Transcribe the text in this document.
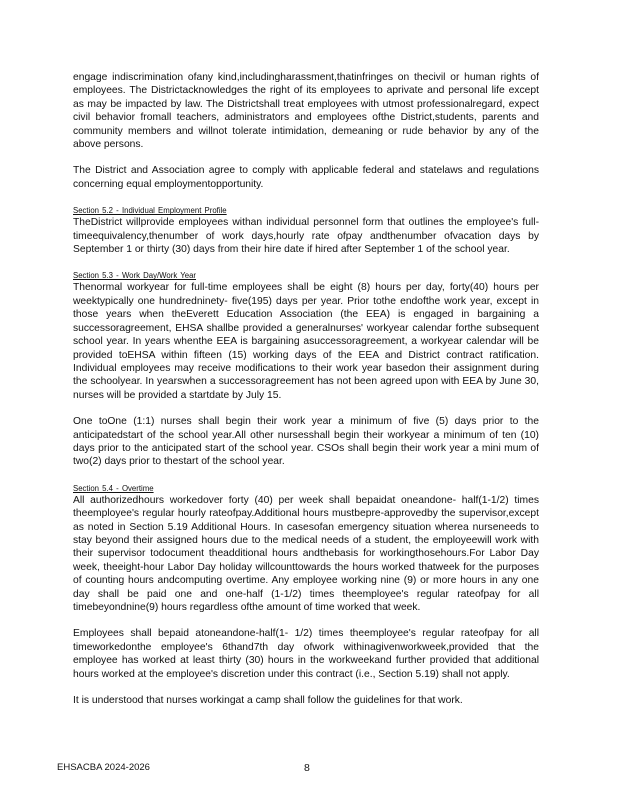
engage indiscrimination ofany kind,includingharassment,thatinfringes on thecivil or human rights of employees. The Districtacknowledges the right of its employees to aprivate and personal life except as may be impacted by law. The Districtshall treat employees with utmost professionalregard, expect civil behavior fromall teachers, administrators and employees ofthe District,students, parents and community members and willnot tolerate intimidation, demeaning or rude behavior by any of the above persons.

The District and Association agree to comply with applicable federal and statelaws and regulations concerning equal employmentopportunity.

Section 5.2 - Individual Employment Profile

TheDistrict willprovide employees withan individual personnel form that outlines the employee's full-timeequivalency,thenumber of work days,hourly rate ofpay andthenumber ofvacation days by September 1 or thirty (30) days from their hire date if hired after September 1 of the school year.

Section 5.3 - Work Day/Work Year

Thenormal workyear for full-time employees shall be eight (8) hours per day, forty(40) hours per weektypically one hundredninety- five(195) days per year. Prior tothe endofthe work year, except in those years when theEverett Education Association (the EEA) is engaged in bargaining a successoragreement, EHSA shallbe provided a generalnurses' workyear calendar forthe subsequent school year. In years whenthe EEA is bargaining asuccessoragreement, a workyear calendar will be provided toEHSA within fifteen (15) working days of the EEA and District contract ratification. Individual employees may receive modifications to their work year basedon their assignment during the schoolyear. In yearswhen a successoragreement has not been agreed upon with EEA by June 30, nurses will be provided a startdate by July 15.

One toOne (1:1) nurses shall begin their work year a minimum of five (5) days prior to the anticipatedstart of the school year.All other nursesshall begin their workyear a minimum of ten (10) days prior to the anticipated start of the school year. CSOs shall begin their work year a mini mum of two(2) days prior to thestart of the school year.

Section 5.4 - Overtime

All authorizedhours workedover forty (40) per week shall bepaidat oneandone- half(1-1/2) times theemployee's regular hourly rateofpay.Additional hours mustbepre-approvedby the supervisor,except as noted in Section 5.19 Additional Hours. In casesofan emergency situation wherea nurseneeds to stay beyond their assigned hours due to the medical needs of a student, the employeewill work with their supervisor todocument theadditional hours andthebasis for workingthosehours.For Labor Day week, theeight-hour Labor Day holiday willcounttowards the hours worked thatweek for the purposes of counting hours andcomputing overtime. Any employee working nine (9) or more hours in any one day shall be paid one and one-half (1-1/2) times theemployee's regular rateofpay for all timebeyondnine(9) hours regardless ofthe amount of time worked that week.

Employees shall bepaid atoneandone-half(1- 1/2) times theemployee's regular rateofpay for all timeworkedonthe employee's 6thand7th day ofwork withinagivenworkweek,provided that the employee has worked at least thirty (30) hours in the workweekand further provided that additional hours worked at the employee's discretion under this contract (i.e., Section 5.19) shall not apply.

It is understood that nurses workingat a camp shall follow the guidelines for that work.

EHSACBA 2024-2026	8
